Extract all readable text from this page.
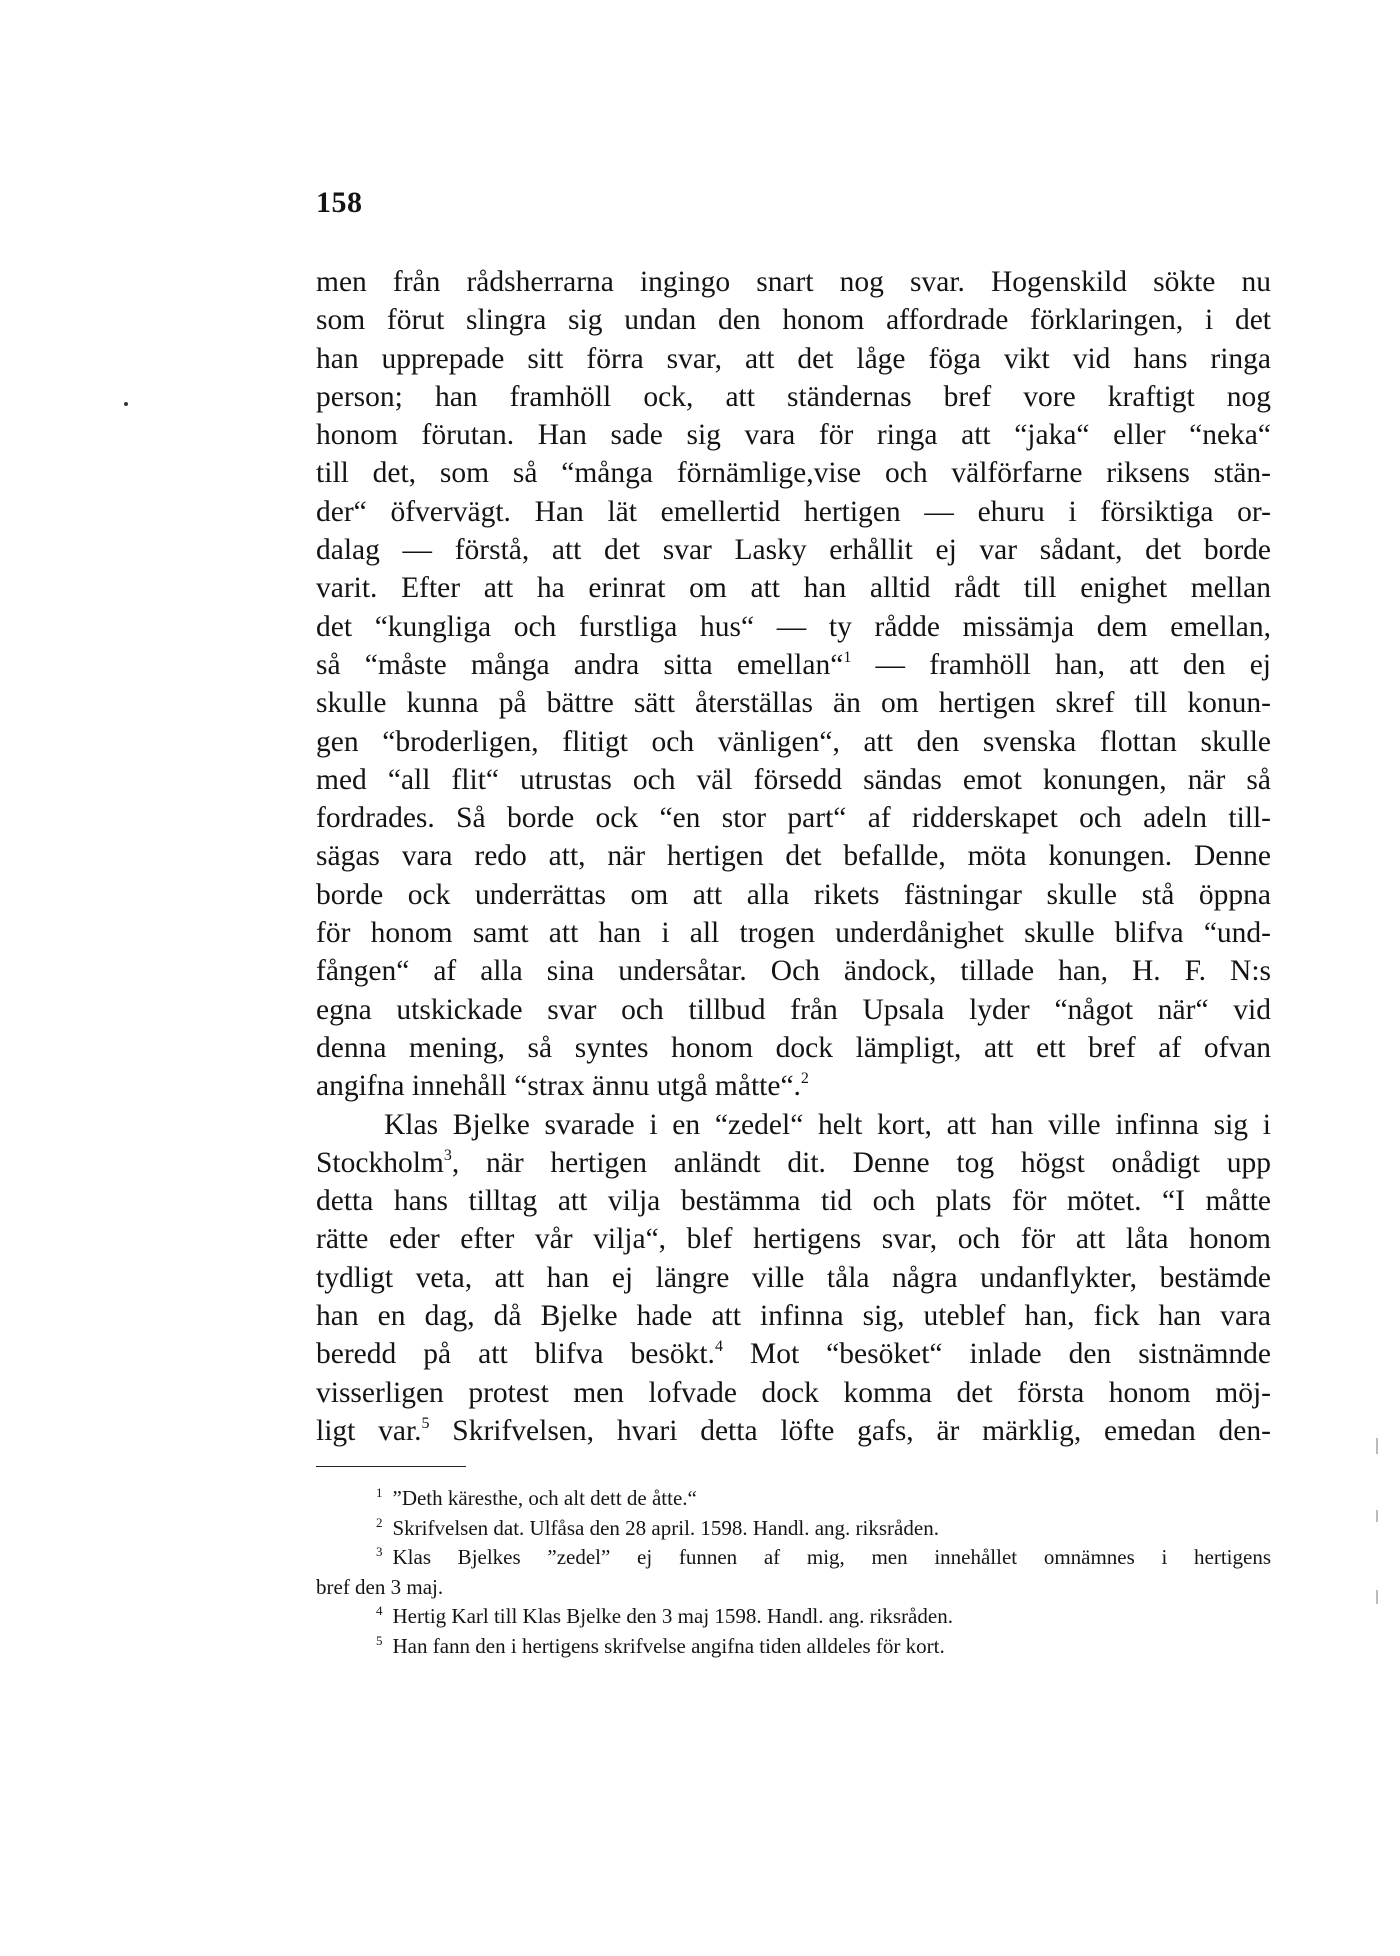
158
men från rådsherrarna ingingo snart nog svar. Hogenskild sökte nu
som förut slingra sig undan den honom affordrade förklaringen, i det
han upprepade sitt förra svar, att det låge föga vikt vid hans ringa
person; han framhöll ock, att ständernas bref vore kraftigt nog
honom förutan. Han sade sig vara för ringa att “jaka“ eller “neka“
till det, som så “många förnämlige,vise och välförfarne riksens stän-
der“ öfvervägt. Han lät emellertid hertigen — ehuru i försiktiga or-
dalag — förstå, att det svar Lasky erhållit ej var sådant, det borde
varit. Efter att ha erinrat om att han alltid rådt till enighet mellan
det “kungliga och furstliga hus“ — ty rådde missämja dem emellan,
så “måste många andra sitta emellan“$^1$ — framhöll han, att den ej
skulle kunna på bättre sätt återställas än om hertigen skref till konun-
gen “broderligen, flitigt och vänligen“, att den svenska flottan skulle
med “all flit“ utrustas och väl försedd sändas emot konungen, när så
fordrades. Så borde ock “en stor part“ af ridderskapet och adeln till-
sägas vara redo att, när hertigen det befallde, möta konungen. Denne
borde ock underrättas om att alla rikets fästningar skulle stå öppna
för honom samt att han i all trogen underdånighet skulle blifva “und-
fången“ af alla sina undersåtar. Och ändock, tillade han, H. F. N:s
egna utskickade svar och tillbud från Upsala lyder “något när“ vid
denna mening, så syntes honom dock lämpligt, att ett bref af ofvan
angifna innehåll “strax ännu utgå måtte“.$^2$
Klas Bjelke svarade i en “zedel“ helt kort, att han ville infinna sig i
Stockholm$^3$, när hertigen anländt dit. Denne tog högst onådigt upp
detta hans tilltag att vilja bestämma tid och plats för mötet. “I måtte
rätte eder efter vår vilja“, blef hertigens svar, och för att låta honom
tydligt veta, att han ej längre ville tåla några undanflykter, bestämde
han en dag, då Bjelke hade att infinna sig, uteblef han, fick han vara
beredd på att blifva besökt.$^4$ Mot “besöket“ inlade den sistnämnde
visserligen protest men lofvade dock komma det första honom möj-
ligt var.$^5$ Skrifvelsen, hvari detta löfte gafs, är märklig, emedan den-
$^1$ ”Deth käresthe, och alt dett de åtte.“
$^2$ Skrifvelsen dat. Ulfåsa den 28 april. 1598. Handl. ang. riksråden.
$^3$ Klas Bjelkes ”zedel” ej funnen af mig, men innehållet omnämnes i hertigens
bref den 3 maj.
$^4$ Hertig Karl till Klas Bjelke den 3 maj 1598. Handl. ang. riksråden.
$^5$ Han fann den i hertigens skrifvelse angifna tiden alldeles för kort.
